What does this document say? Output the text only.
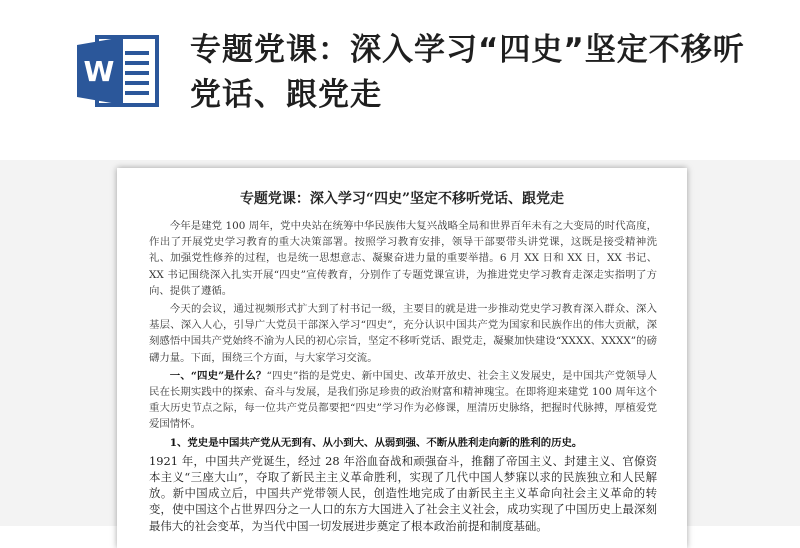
W
专题党课：深入学习“四史”坚定不移听党话、跟党走
专题党课：深入学习“四史”坚定不移听党话、跟党走

今年是建党 100 周年，党中央站在统筹中华民族伟大复兴战略全局和世界百年未有之大变局的时代高度，作出了开展党史学习教育的重大决策部署。按照学习教育安排，领导干部要带头讲党课，这既是接受精神洗礼、加强党性修养的过程，也是统一思想意志、凝聚奋进力量的重要举措。6 月 XX 日和 XX 日，XX 书记、XX 书记围绕深入扎实开展“四史”宣传教育，分别作了专题党课宣讲，为推进党史学习教育走深走实指明了方向、提供了遵循。

今天的会议，通过视频形式扩大到了村书记一级，主要目的就是进一步推动党史学习教育深入群众、深入基层、深入人心，引导广大党员干部深入学习“四史”，充分认识中国共产党为国家和民族作出的伟大贡献，深刻感悟中国共产党始终不渝为人民的初心宗旨，坚定不移听党话、跟党走，凝聚加快建设“XXXX、XXXX”的磅礴力量。下面，围绕三个方面，与大家学习交流。

一、“四史”是什么？“四史”指的是党史、新中国史、改革开放史、社会主义发展史，是中国共产党领导人民在长期实践中的探索、奋斗与发展，是我们弥足珍贵的政治财富和精神瑰宝。在即将迎来建党 100 周年这个重大历史节点之际，每一位共产党员都要把“四史”学习作为必修课，厘清历史脉络，把握时代脉搏，厚植爱党爱国情怀。

1、党史是中国共产党从无到有、从小到大、从弱到强、不断从胜利走向新的胜利的历史。

1921 年，中国共产党诞生，经过 28 年浴血奋战和顽强奋斗，推翻了帝国主义、封建主义、官僚资本主义“三座大山”，夺取了新民主主义革命胜利，实现了几代中国人梦寐以求的民族独立和人民解放。新中国成立后，中国共产党带领人民，创造性地完成了由新民主主义革命向社会主义革命的转变，使中国这个占世界四分之一人口的东方大国进入了社会主义社会，成功实现了中国历史上最深刻最伟大的社会变革，为当代中国一切发展进步奠定了根本政治前提和制度基础。
